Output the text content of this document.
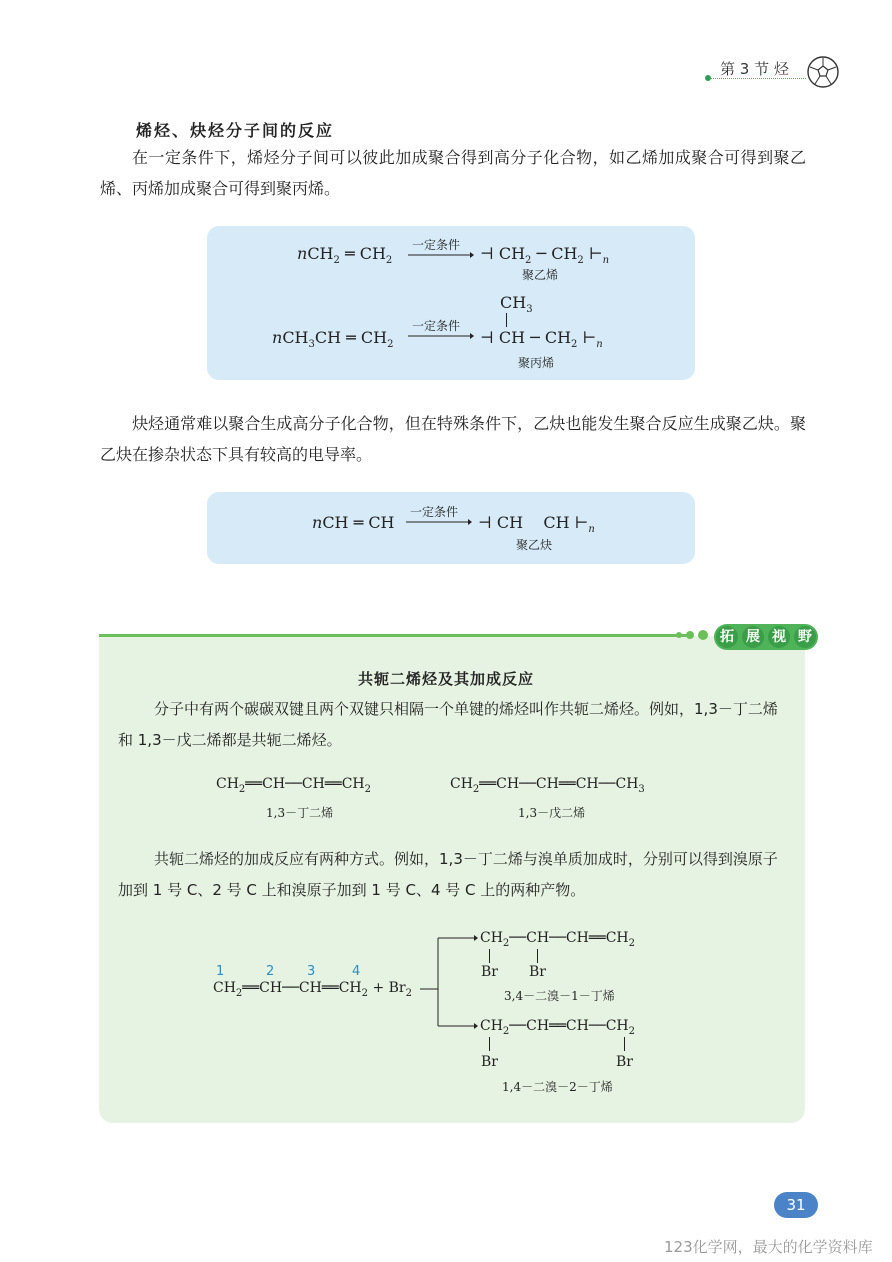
第 3 节 烃
烯烃、炔烃分子间的反应
在一定条件下，烯烃分子间可以彼此加成聚合得到高分子化合物，如乙烯加成聚合可得到聚乙烯、丙烯加成聚合可得到聚丙烯。
nCH$_2$ ═ $CH_2$
一定条件 ⊣ $CH_2$ ─ $CH_2$ $⊢_n$
聚乙烯
$CH_3$
nCH$_3$CH ═ $CH_2$
一定条件
⊣ CH ─ $CH_2$ $⊢_n$
聚丙烯
炔烃通常难以聚合生成高分子化合物，但在特殊条件下，乙炔也能发生聚合反应生成聚乙炔。聚乙炔在掺杂状态下具有较高的电导率。
nCH ═ CH
一定条件
⊣ CH    CH $⊢_n$
聚乙炔
拓 展 视 野
共轭二烯烃及其加成反应
分子中有两个碳碳双键且两个双键只相隔一个单键的烯烃叫作共轭二烯烃。例如，1,3－丁二烯和 1,3－戊二烯都是共轭二烯烃。
$CH_2══CH──CH══CH_2$
1,3－丁二烯
$CH_2══CH──CH══CH──CH_3$
1,3－戊二烯
共轭二烯烃的加成反应有两种方式。例如，1,3－丁二烯与溴单质加成时，分别可以得到溴原子加到 1 号 C、2 号 C 上和溴原子加到 1 号 C、4 号 C 上的两种产物。
1	2	3	4
$CH_2══CH──CH══CH_2 + Br_2$
$CH_2──CH──CH══CH_2$
Br Br
3,4－二溴－1－丁烯
$CH_2──CH══CH──CH_2$
Br	Br
1,4－二溴－2－丁烯
31
123化学网，最大的化学资料库
